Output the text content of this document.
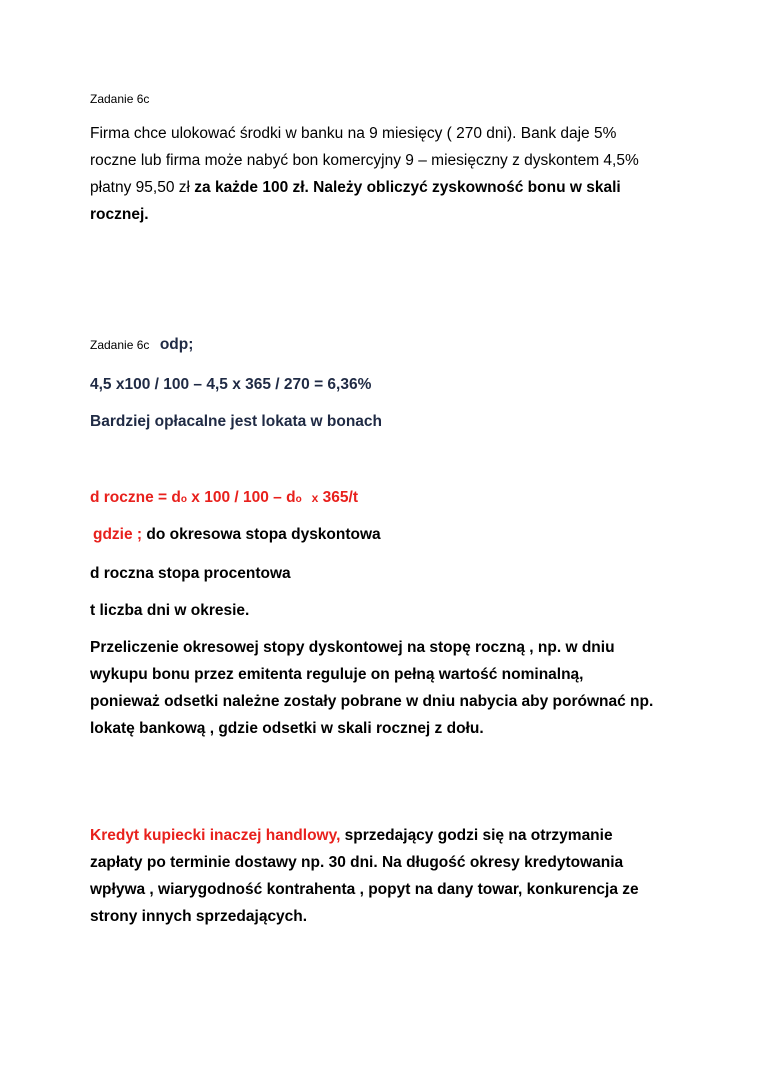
Zadanie 6c
Firma chce ulokować środki w banku na 9 miesięcy ( 270 dni). Bank daje 5%
roczne lub firma może nabyć bon komercyjny 9 – miesięczny z dyskontem 4,5%
płatny 95,50 zł za każde 100 zł. Należy obliczyć zyskowność bonu w skali
rocznej.
Zadanie 6c odp;
4,5 x100 / 100 – 4,5 x 365 / 270 = 6,36%
Bardziej opłacalne jest lokata w bonach
d roczne = do x 100 / 100 – do x 365/t
gdzie ; do okresowa stopa dyskontowa
d roczna stopa procentowa
t liczba dni w okresie.
Przeliczenie okresowej stopy dyskontowej na stopę roczną , np. w dniu
wykupu bonu przez emitenta reguluje on pełną wartość nominalną,
ponieważ odsetki należne zostały pobrane w dniu nabycia aby porównać np.
lokatę bankową , gdzie odsetki w skali rocznej z dołu.
Kredyt kupiecki inaczej handlowy, sprzedający godzi się na otrzymanie
zapłaty po terminie dostawy np. 30 dni. Na długość okresy kredytowania
wpływa , wiarygodność kontrahenta , popyt na dany towar, konkurencja ze
strony innych sprzedających.
